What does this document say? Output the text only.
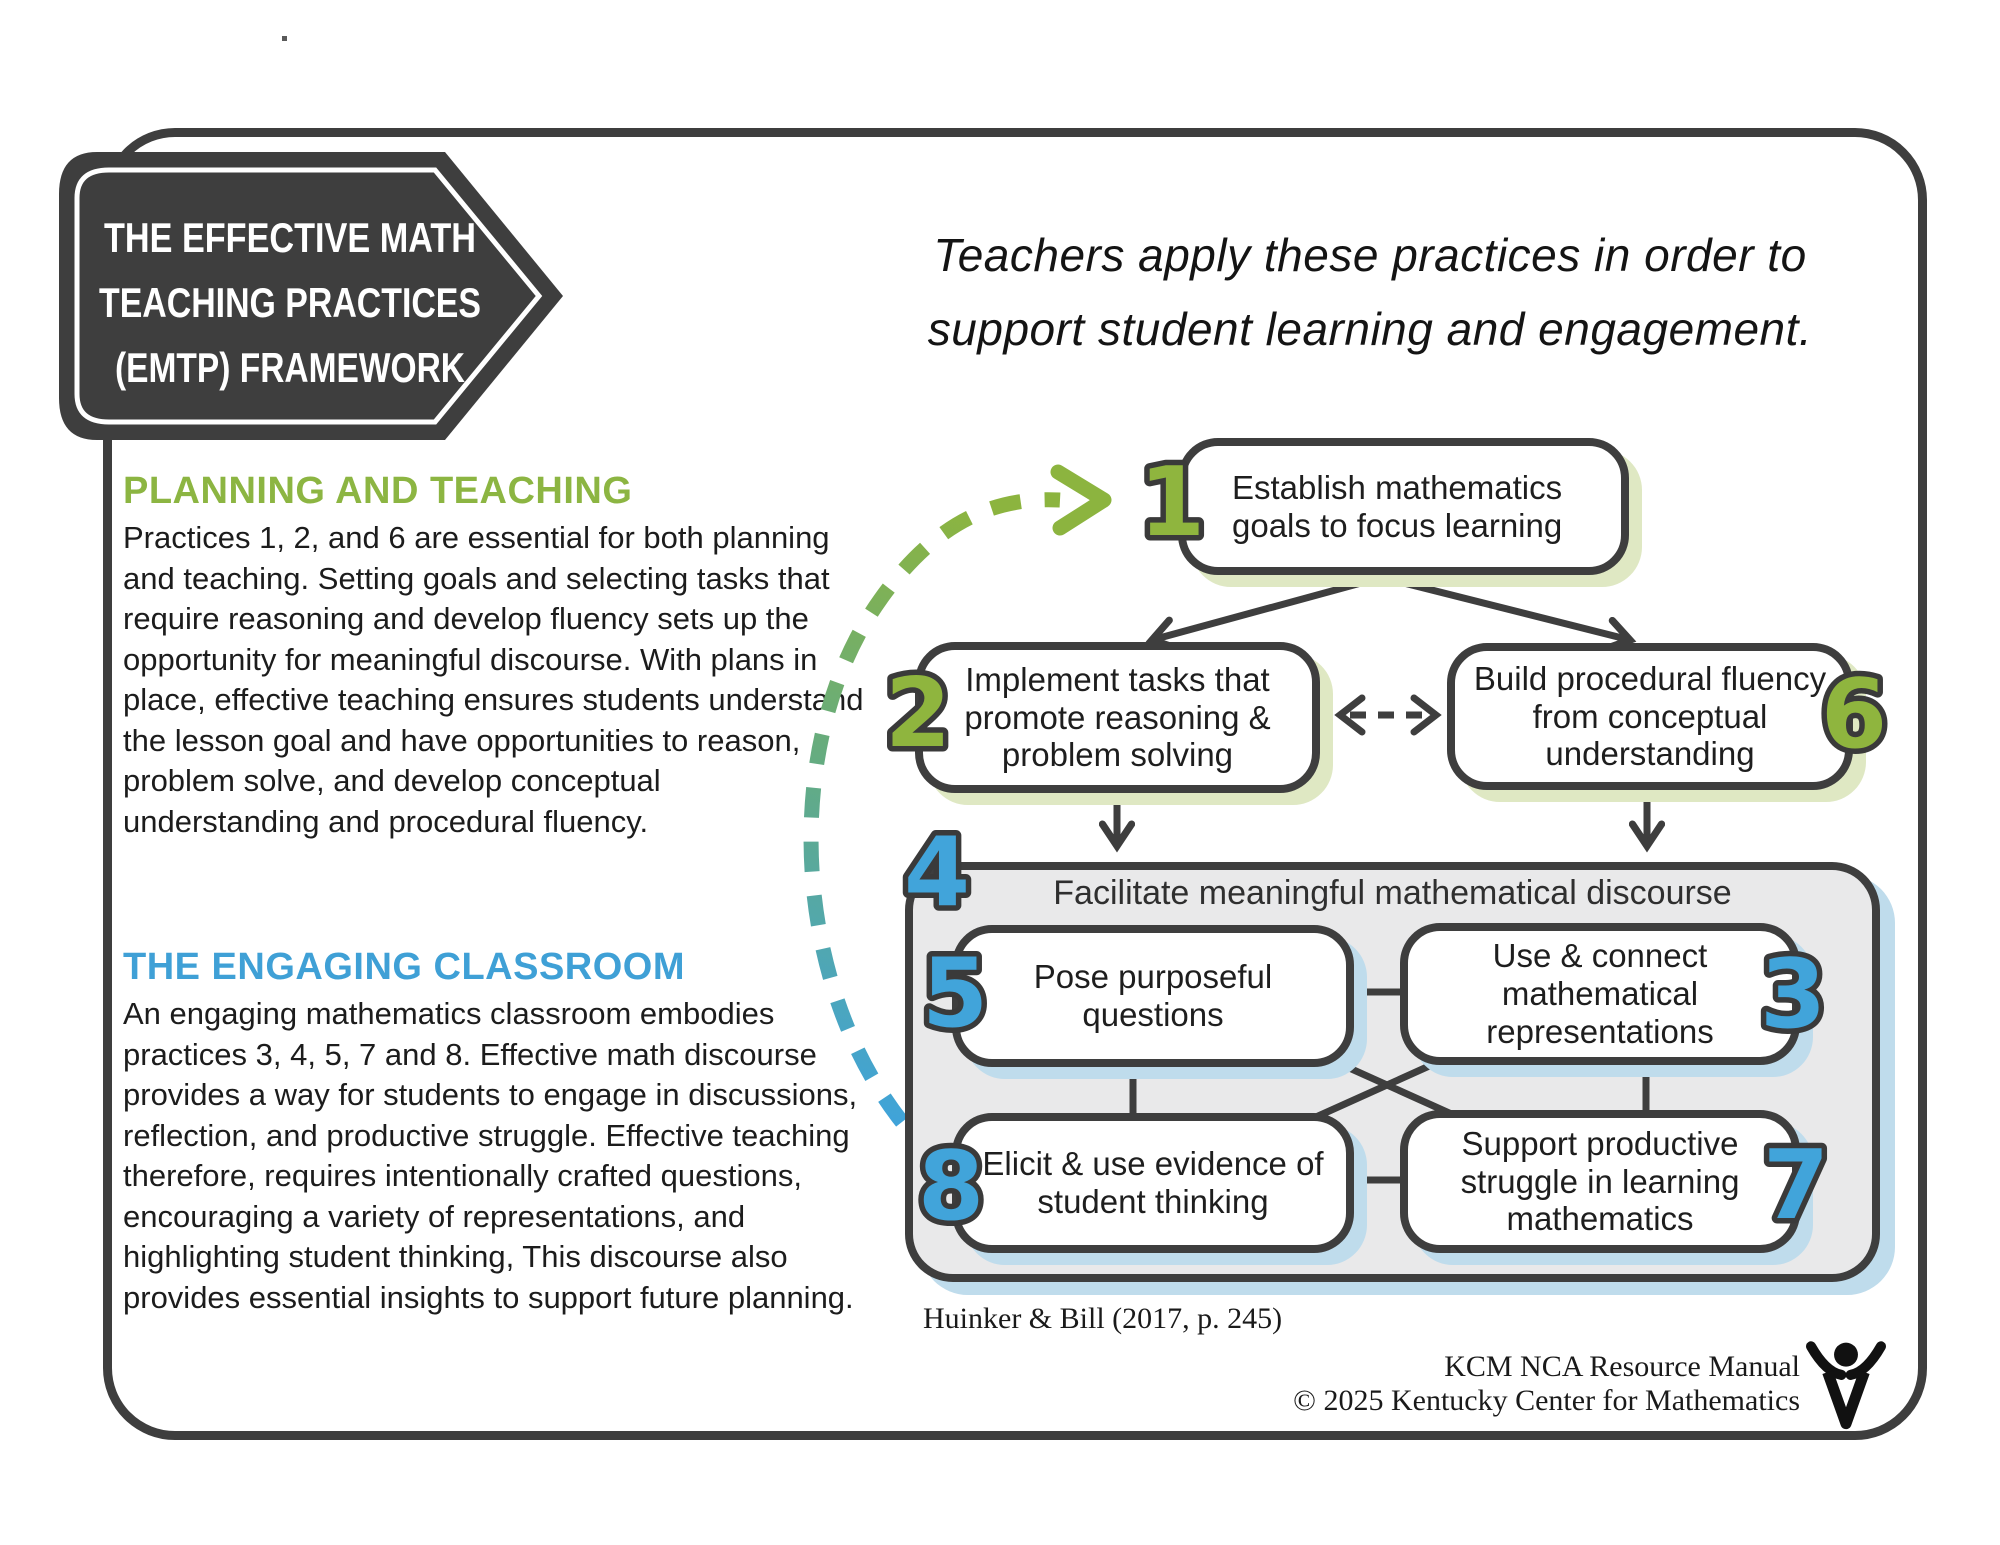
THE EFFECTIVE MATH
TEACHING PRACTICES
(EMTP) FRAMEWORK
Teachers apply these practices in order to
support student learning and engagement.
PLANNING AND TEACHING
Practices 1, 2, and 6 are essential for both planning and teaching. Setting goals and selecting tasks that require reasoning and develop fluency sets up the opportunity for meaningful discourse. With plans in place, effective teaching ensures students understand the lesson goal and have opportunities to reason, problem solve, and develop conceptual understanding and procedural fluency.
THE ENGAGING CLASSROOM
An engaging mathematics classroom embodies practices 3, 4, 5, 7 and 8. Effective math discourse provides a way for students to engage in discussions, reflection, and productive struggle. Effective teaching therefore, requires intentionally crafted questions, encouraging a variety of representations, and highlighting student thinking, This discourse also provides essential insights to support future planning.
Facilitate meaningful mathematical discourse
Establish mathematics
goals to focus learning
Implement tasks that
promote reasoning &
problem solving
Build procedural fluency
from conceptual
understanding
Pose purposeful
questions
Use & connect
mathematical
representations
Elicit & use evidence of
student thinking
Support productive
struggle in learning
mathematics
1
2	6
4
5	3
8	7
Huinker & Bill (2017, p. 245)
KCM NCA Resource Manual
© 2025 Kentucky Center for Mathematics
